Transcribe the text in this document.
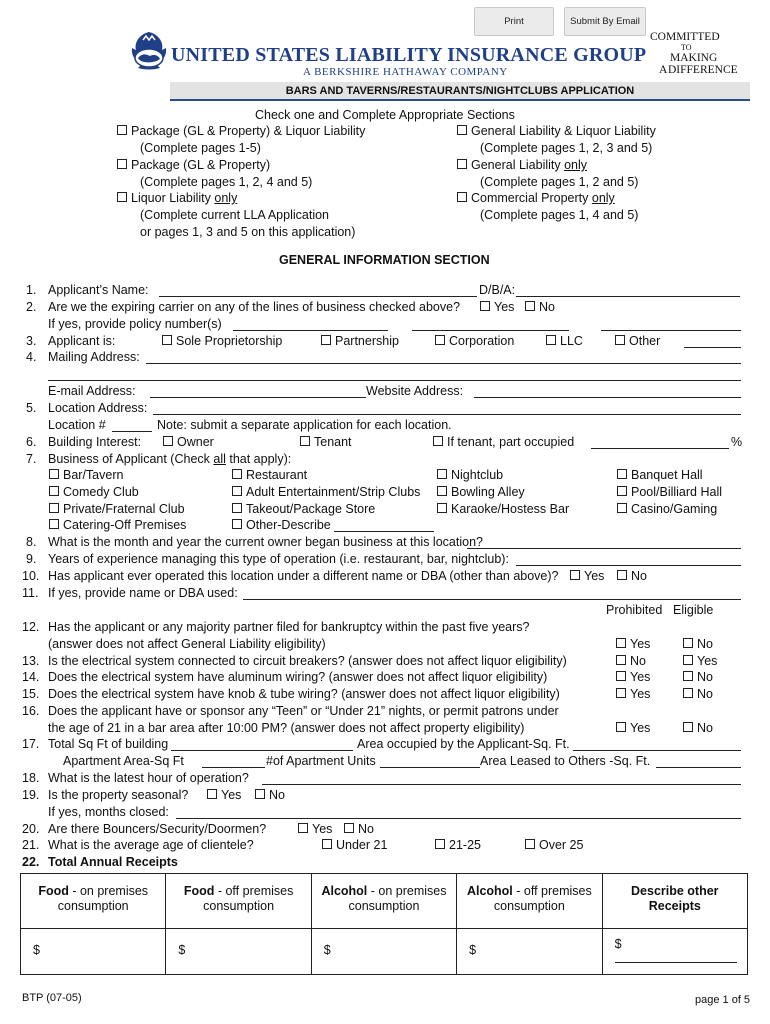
Print	Submit By Email
UNITED STATES LIABILITY INSURANCE GROUP
A BERKSHIRE HATHAWAY COMPANY
COMMITTED
TO
MAKING
A DIFFERENCE
BARS AND TAVERNS/RESTAURANTS/NIGHTCLUBS APPLICATION
Check one and Complete Appropriate Sections
Package (GL & Property) & Liquor Liability
(Complete pages 1-5)
General Liability & Liquor Liability
(Complete pages 1, 2, 3 and 5)
Package (GL & Property)
(Complete pages 1, 2, 4 and 5)
General Liability only
(Complete pages 1, 2 and 5)
Liquor Liability only
(Complete current LLA Application
or pages 1, 3 and 5 on this application)
Commercial Property only
(Complete pages 1, 4 and 5)
GENERAL INFORMATION SECTION
1. Applicant’s Name:	D/B/A:
2. Are we the expiring carrier on any of the lines of business checked above?	Yes	No
If yes, provide policy number(s)
3. Applicant is:	Sole Proprietorship	Partnership	Corporation	LLC	Other
4. Mailing Address:
E-mail Address:	Website Address:
5. Location Address:
Location #	Note: submit a separate application for each location.
6. Building Interest:	Owner	Tenant	If tenant, part occupied	%
7. Business of Applicant (Check all that apply):
Bar/Tavern	Restaurant	Nightclub	Banquet Hall
Comedy Club	Adult Entertainment/Strip Clubs	Bowling Alley	Pool/Billiard Hall
Private/Fraternal Club	Takeout/Package Store	Karaoke/Hostess Bar	Casino/Gaming
Catering-Off Premises	Other-Describe
8. What is the month and year the current owner began business at this location?
9. Years of experience managing this type of operation (i.e. restaurant, bar, nightclub):
10. Has applicant ever operated this location under a different name or DBA (other than above)?	Yes	No
11. If yes, provide name or DBA used:
Prohibited Eligible
12. Has the applicant or any majority partner filed for bankruptcy within the past five years?
(answer does not affect General Liability eligibility)	Yes	No
13. Is the electrical system connected to circuit breakers? (answer does not affect liquor eligibility)	No	Yes
14. Does the electrical system have aluminum wiring? (answer does not affect liquor eligibility)	Yes	No
15. Does the electrical system have knob & tube wiring? (answer does not affect liquor eligibility)	Yes	No
16. Does the applicant have or sponsor any “Teen” or “Under 21” nights, or permit patrons under
the age of 21 in a bar area after 10:00 PM? (answer does not affect property eligibility)	Yes	No
17. Total Sq Ft of building	Area occupied by the Applicant-Sq. Ft.
Apartment Area-Sq Ft	#of Apartment Units	Area Leased to Others -Sq. Ft.
18. What is the latest hour of operation?
19. Is the property seasonal?	Yes	No
If yes, months closed:
20. Are there Bouncers/Security/Doormen?	Yes	No
21. What is the average age of clientele?	Under 21	21-25	Over 25
22. Total Annual Receipts
Food - on premises
consumption	Food - off premises
consumption	Alcohol - on premises
consumption	Alcohol - off premises
consumption	Describe other
Receipts

$	$	$	$	$
BTP (07-05)	page 1 of 5
